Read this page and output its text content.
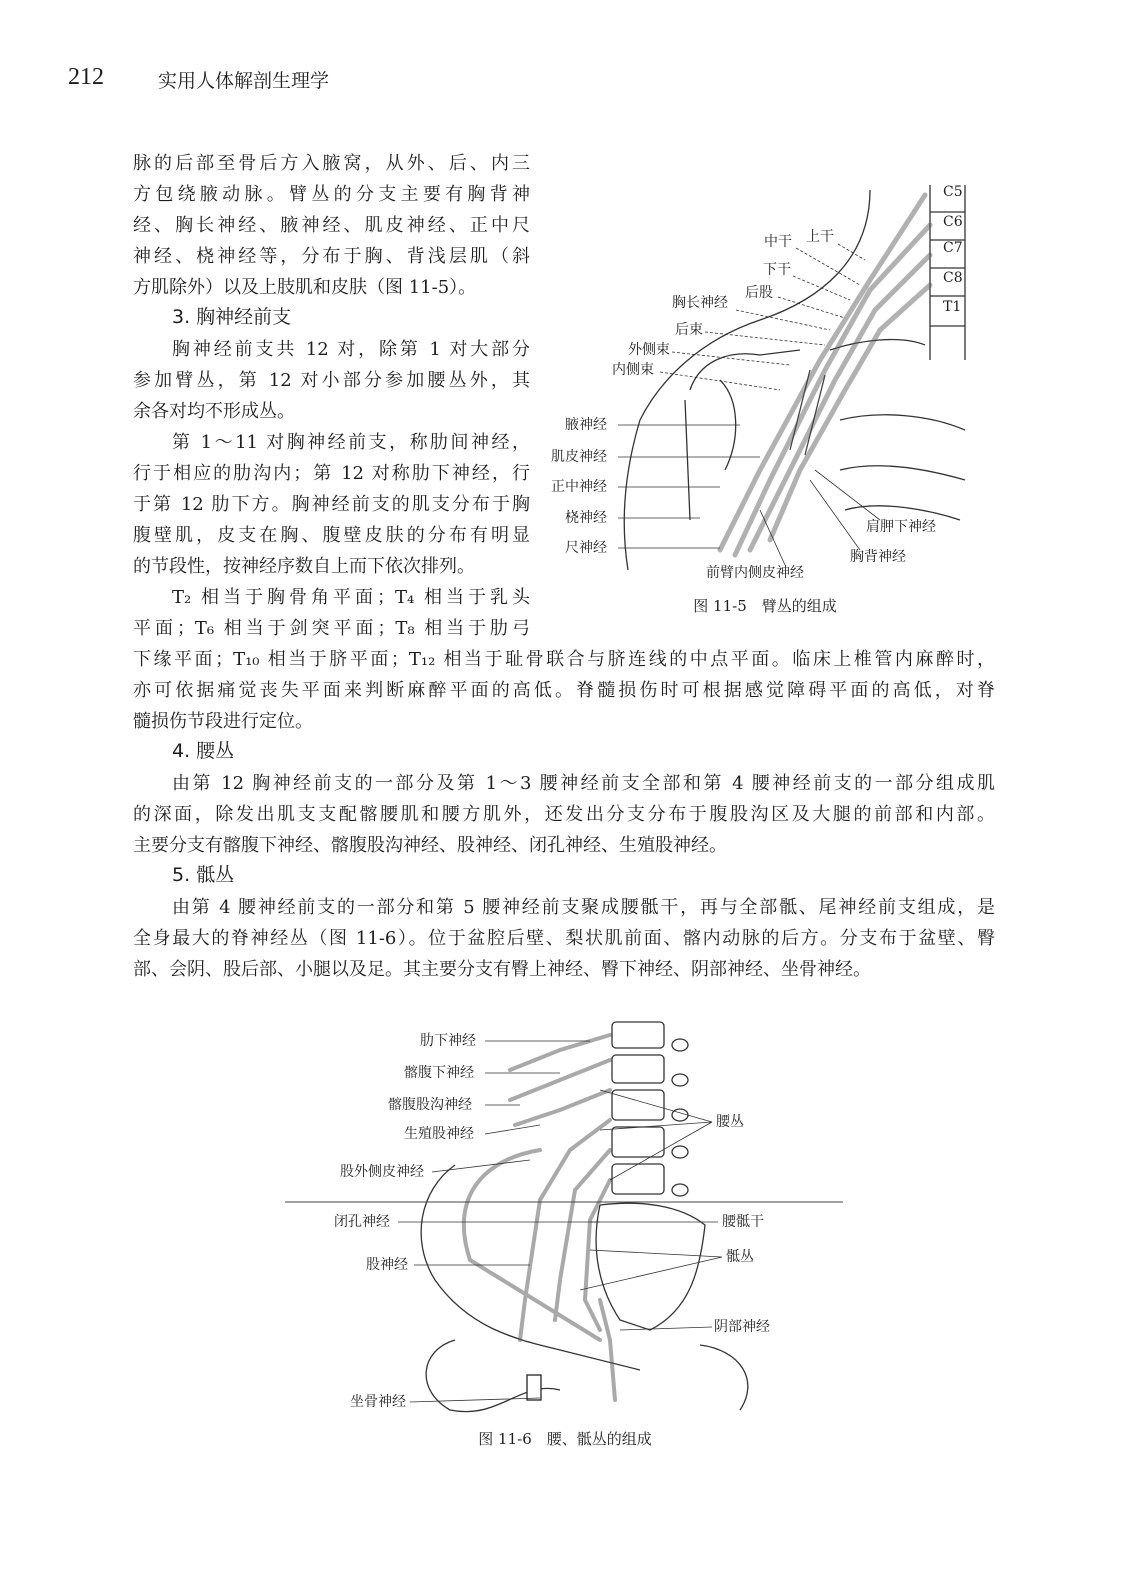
212	实用人体解剖生理学
脉的后部至骨后方入腋窝，从外、后、内三
方包绕腋动脉。臂丛的分支主要有胸背神
经、胸长神经、腋神经、肌皮神经、正中尺
神经、桡神经等，分布于胸、背浅层肌（斜
方肌除外）以及上肢肌和皮肤（图 11-5）。
3. 胸神经前支
胸神经前支共 12 对，除第 1 对大部分
参加臂丛，第 12 对小部分参加腰丛外，其
余各对均不形成丛。
第 1～11 对胸神经前支，称肋间神经，
行于相应的肋沟内；第 12 对称肋下神经，行
于第 12 肋下方。胸神经前支的肌支分布于胸
腹壁肌，皮支在胸、腹壁皮肤的分布有明显
的节段性，按神经序数自上而下依次排列。
T₂ 相当于胸骨角平面；T₄ 相当于乳头
平面；T₆ 相当于剑突平面；T₈ 相当于肋弓
下缘平面；T₁₀ 相当于脐平面；T₁₂ 相当于耻骨联合与脐连线的中点平面。临床上椎管内麻醉时，
亦可依据痛觉丧失平面来判断麻醉平面的高低。脊髓损伤时可根据感觉障碍平面的高低，对脊
髓损伤节段进行定位。
4. 腰丛
由第 12 胸神经前支的一部分及第 1～3 腰神经前支全部和第 4 腰神经前支的一部分组成肌
的深面，除发出肌支支配髂腰肌和腰方肌外，还发出分支分布于腹股沟区及大腿的前部和内部。
主要分支有髂腹下神经、髂腹股沟神经、股神经、闭孔神经、生殖股神经。
5. 骶丛
由第 4 腰神经前支的一部分和第 5 腰神经前支聚成腰骶干，再与全部骶、尾神经前支组成，是
全身最大的脊神经丛（图 11-6）。位于盆腔后壁、梨状肌前面、髂内动脉的后方。分支布于盆壁、臀
部、会阴、股后部、小腿以及足。其主要分支有臀上神经、臀下神经、阴部神经、坐骨神经。
C5
C6
C7
C8
T1
上干
中干
下干
后股
胸长神经
后束
外侧束
内侧束
腋神经
肌皮神经
正中神经
桡神经
尺神经
肩胛下神经
胸背神经
前臂内侧皮神经
图 11-5　臂丛的组成
肋下神经
髂腹下神经
髂腹股沟神经
生殖股神经
股外侧皮神经
闭孔神经
股神经
坐骨神经
腰丛
腰骶干
骶丛
阴部神经
图 11-6　腰、骶丛的组成
